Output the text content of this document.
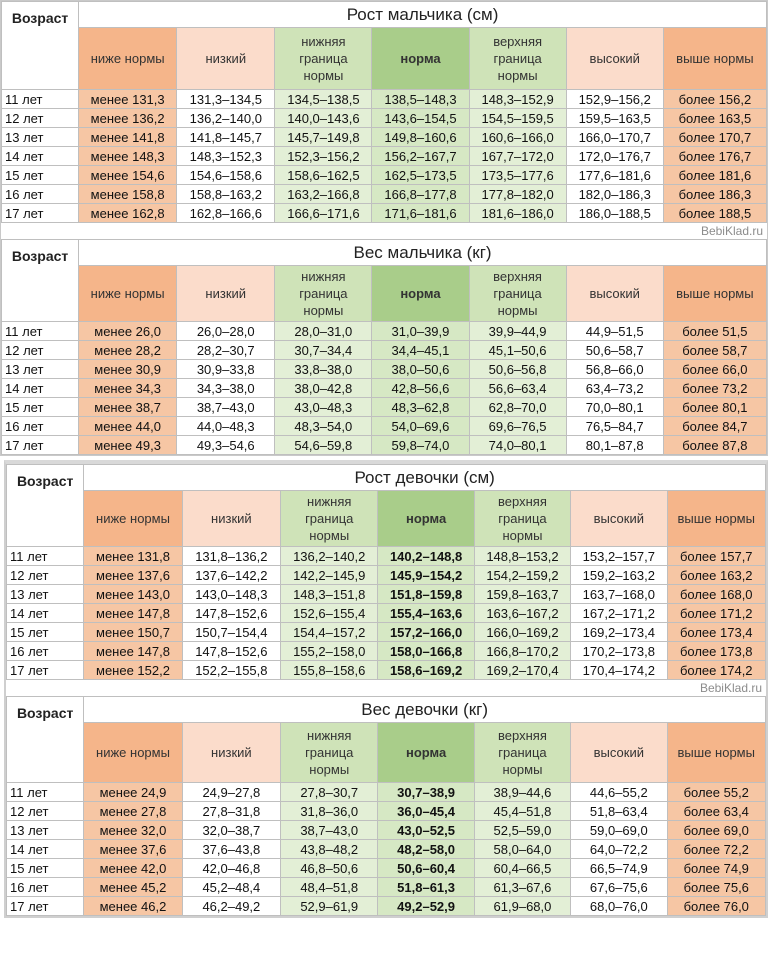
Возраст	Рост мальчика (см)						
	ниже нормы	низкий	нижняя
граница
нормы	норма	верхняя
граница
нормы	высокий	выше нормы
11 лет	менее 131,3	131,3–134,5	134,5–138,5	138,5–148,3	148,3–152,9	152,9–156,2	более 156,2
12 лет	менее 136,2	136,2–140,0	140,0–143,6	143,6–154,5	154,5–159,5	159,5–163,5	более 163,5
13 лет	менее 141,8	141,8–145,7	145,7–149,8	149,8–160,6	160,6–166,0	166,0–170,7	более 170,7
14 лет	менее 148,3	148,3–152,3	152,3–156,2	156,2–167,7	167,7–172,0	172,0–176,7	более 176,7
15 лет	менее 154,6	154,6–158,6	158,6–162,5	162,5–173,5	173,5–177,6	177,6–181,6	более 181,6
16 лет	менее 158,8	158,8–163,2	163,2–166,8	166,8–177,8	177,8–182,0	182,0–186,3	более 186,3
17 лет	менее 162,8	162,8–166,6	166,6–171,6	171,6–181,6	181,6–186,0	186,0–188,5	более 188,5
BebiKlad.ru
Возраст	Вес мальчика (кг)						
	ниже нормы	низкий	нижняя
граница
нормы	норма	верхняя
граница
нормы	высокий	выше нормы
11 лет	менее 26,0	26,0–28,0	28,0–31,0	31,0–39,9	39,9–44,9	44,9–51,5	более 51,5
12 лет	менее 28,2	28,2–30,7	30,7–34,4	34,4–45,1	45,1–50,6	50,6–58,7	более 58,7
13 лет	менее 30,9	30,9–33,8	33,8–38,0	38,0–50,6	50,6–56,8	56,8–66,0	более 66,0
14 лет	менее 34,3	34,3–38,0	38,0–42,8	42,8–56,6	56,6–63,4	63,4–73,2	более 73,2
15 лет	менее 38,7	38,7–43,0	43,0–48,3	48,3–62,8	62,8–70,0	70,0–80,1	более 80,1
16 лет	менее 44,0	44,0–48,3	48,3–54,0	54,0–69,6	69,6–76,5	76,5–84,7	более 84,7
17 лет	менее 49,3	49,3–54,6	54,6–59,8	59,8–74,0	74,0–80,1	80,1–87,8	более 87,8
Возраст	Рост девочки (см)						
	ниже нормы	низкий	нижняя
граница
нормы	норма	верхняя
граница
нормы	высокий	выше нормы
11 лет	менее 131,8	131,8–136,2	136,2–140,2	140,2–148,8	148,8–153,2	153,2–157,7	более 157,7
12 лет	менее 137,6	137,6–142,2	142,2–145,9	145,9–154,2	154,2–159,2	159,2–163,2	более 163,2
13 лет	менее 143,0	143,0–148,3	148,3–151,8	151,8–159,8	159,8–163,7	163,7–168,0	более 168,0
14 лет	менее 147,8	147,8–152,6	152,6–155,4	155,4–163,6	163,6–167,2	167,2–171,2	более 171,2
15 лет	менее 150,7	150,7–154,4	154,4–157,2	157,2–166,0	166,0–169,2	169,2–173,4	более 173,4
16 лет	менее 147,8	147,8–152,6	155,2–158,0	158,0–166,8	166,8–170,2	170,2–173,8	более 173,8
17 лет	менее 152,2	152,2–155,8	155,8–158,6	158,6–169,2	169,2–170,4	170,4–174,2	более 174,2
BebiKlad.ru
Возраст	Вес девочки (кг)						
	ниже нормы	низкий	нижняя
граница
нормы	норма	верхняя
граница
нормы	высокий	выше нормы
11 лет	менее 24,9	24,9–27,8	27,8–30,7	30,7–38,9	38,9–44,6	44,6–55,2	более 55,2
12 лет	менее 27,8	27,8–31,8	31,8–36,0	36,0–45,4	45,4–51,8	51,8–63,4	более 63,4
13 лет	менее 32,0	32,0–38,7	38,7–43,0	43,0–52,5	52,5–59,0	59,0–69,0	более 69,0
14 лет	менее 37,6	37,6–43,8	43,8–48,2	48,2–58,0	58,0–64,0	64,0–72,2	более 72,2
15 лет	менее 42,0	42,0–46,8	46,8–50,6	50,6–60,4	60,4–66,5	66,5–74,9	более 74,9
16 лет	менее 45,2	45,2–48,4	48,4–51,8	51,8–61,3	61,3–67,6	67,6–75,6	более 75,6
17 лет	менее 46,2	46,2–49,2	52,9–61,9	49,2–52,9	61,9–68,0	68,0–76,0	более 76,0
